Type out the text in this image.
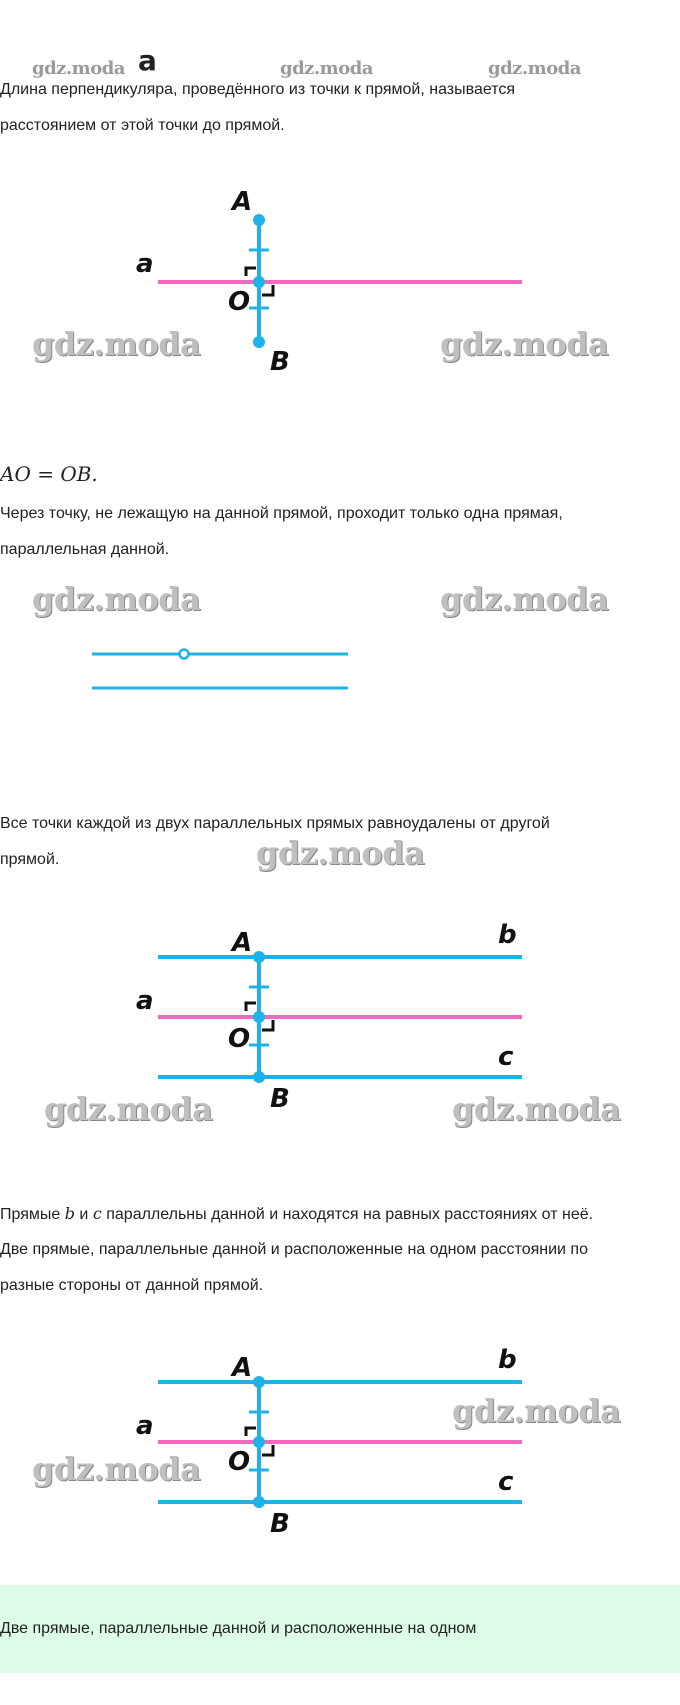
gdz.moda a	gdz.moda	gdz.moda
Длина перпендикуляра, проведённого из точки к прямой, называется
расстоянием от этой точки до прямой.
A
a
O
B
gdz.moda	gdz.moda
AO = OB.
Через точку, не лежащую на данной прямой, проходит только одна прямая,
параллельная данной.
gdz.moda	gdz.moda
Все точки каждой из двух параллельных прямых равноудалены от другой
прямой.	gdz.moda
A	b
a
O
c
B
gdz.moda	gdz.moda
Прямые b и c параллельны данной и находятся на равных расстояниях от неё.
Две прямые, параллельные данной и расположенные на одном расстоянии по
разные стороны от данной прямой.
A	b
a
O
c
B
gdz.moda
gdz.moda
Две прямые, параллельные данной и расположенные на одном
